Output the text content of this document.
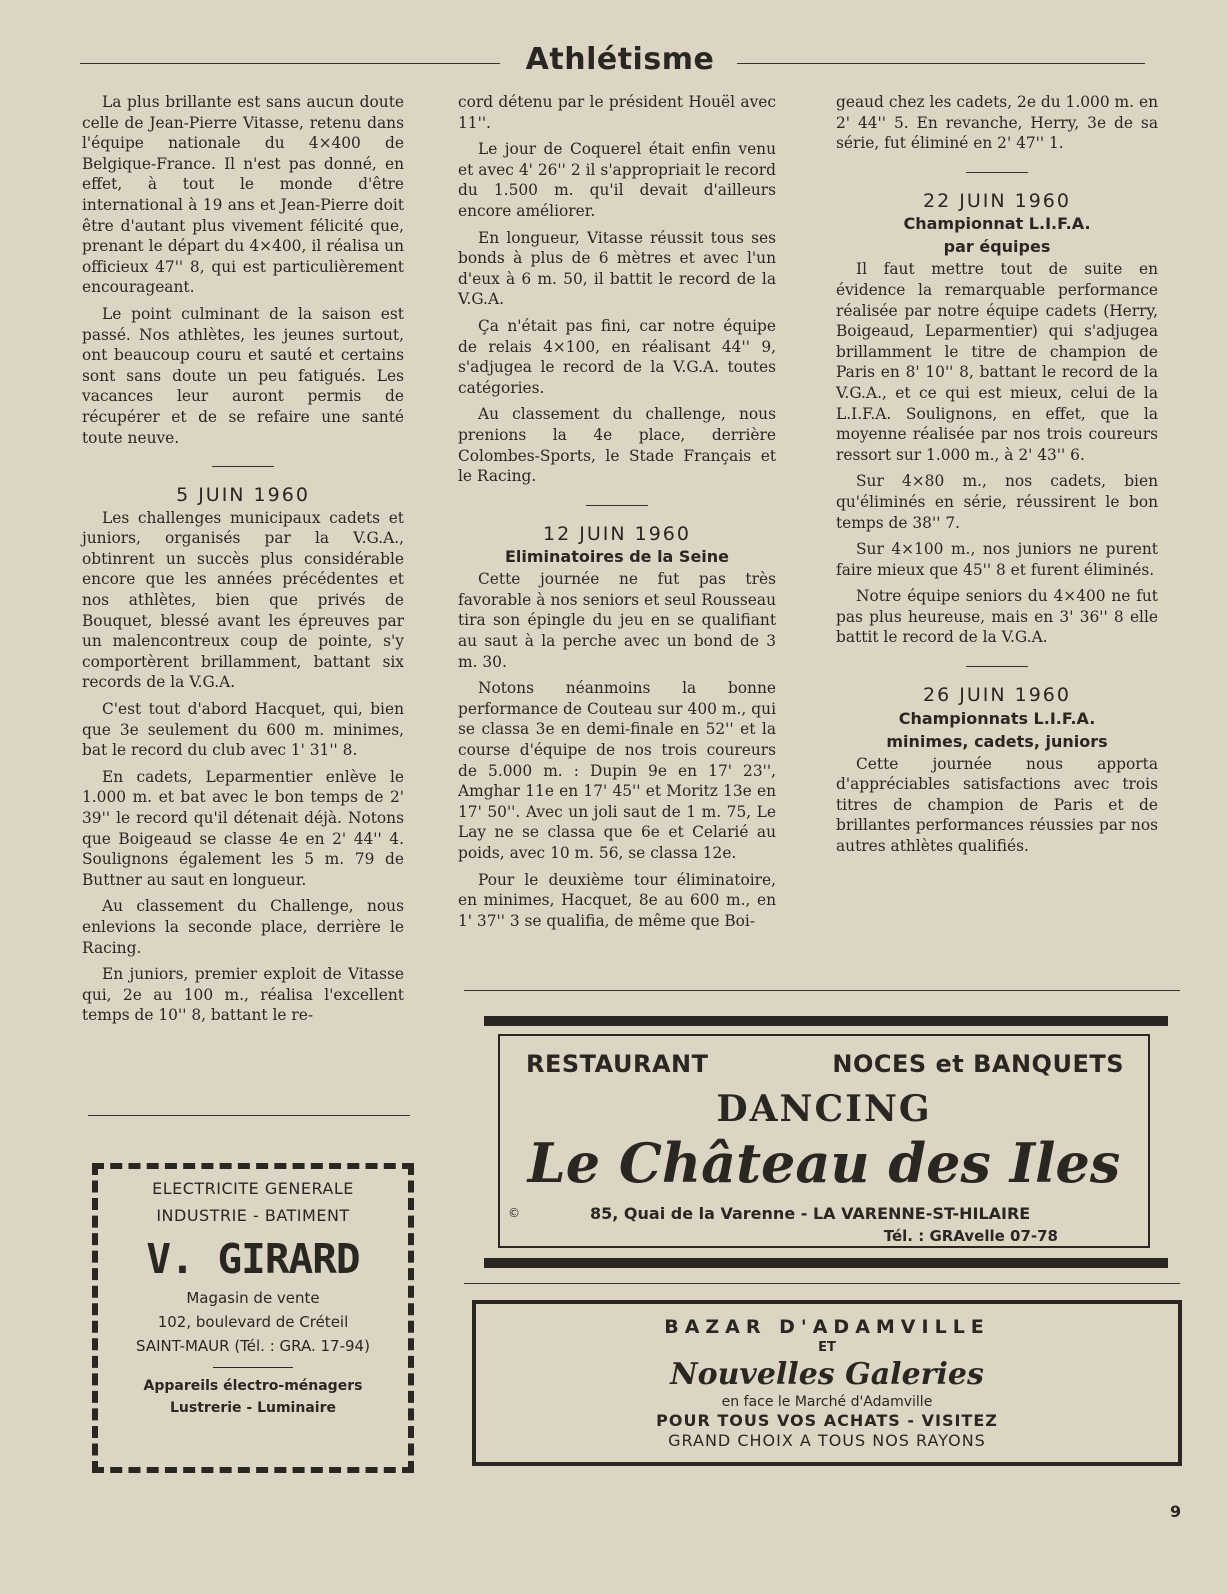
Athlétisme

La plus brillante est sans aucun doute celle de Jean-Pierre Vitasse, retenu dans l'équipe nationale du 4×400 de Belgique-France. Il n'est pas donné, en effet, à tout le monde d'être international à 19 ans et Jean-Pierre doit être d'autant plus vivement félicité que, prenant le départ du 4×400, il réalisa un officieux 47'' 8, qui est particulièrement encourageant.

Le point culminant de la saison est passé. Nos athlètes, les jeunes surtout, ont beaucoup couru et sauté et certains sont sans doute un peu fatigués. Les vacances leur auront permis de récupérer et de se refaire une santé toute neuve.

5 JUIN 1960

Les challenges municipaux cadets et juniors, organisés par la V.G.A., obtinrent un succès plus considérable encore que les années précédentes et nos athlètes, bien que privés de Bouquet, blessé avant les épreuves par un malencontreux coup de pointe, s'y comportèrent brillamment, battant six records de la V.G.A.

C'est tout d'abord Hacquet, qui, bien que 3e seulement du 600 m. minimes, bat le record du club avec 1' 31'' 8.

En cadets, Leparmentier enlève le 1.000 m. et bat avec le bon temps de 2' 39'' le record qu'il détenait déjà. Notons que Boigeaud se classe 4e en 2' 44'' 4. Soulignons également les 5 m. 79 de Buttner au saut en longueur.

Au classement du Challenge, nous enlevions la seconde place, derrière le Racing.

En juniors, premier exploit de Vitasse qui, 2e au 100 m., réalisa l'excellent temps de 10'' 8, battant le re-

cord détenu par le président Houël avec 11''.

Le jour de Coquerel était enfin venu et avec 4' 26'' 2 il s'appropriait le record du 1.500 m. qu'il devait d'ailleurs encore améliorer.

En longueur, Vitasse réussit tous ses bonds à plus de 6 mètres et avec l'un d'eux à 6 m. 50, il battit le record de la V.G.A.

Ça n'était pas fini, car notre équipe de relais 4×100, en réalisant 44'' 9, s'adjugea le record de la V.G.A. toutes catégories.

Au classement du challenge, nous prenions la 4e place, derrière Colombes-Sports, le Stade Français et le Racing.

12 JUIN 1960
Eliminatoires de la Seine

Cette journée ne fut pas très favorable à nos seniors et seul Rousseau tira son épingle du jeu en se qualifiant au saut à la perche avec un bond de 3 m. 30.

Notons néanmoins la bonne performance de Couteau sur 400 m., qui se classa 3e en demi-finale en 52'' et la course d'équipe de nos trois coureurs de 5.000 m. : Dupin 9e en 17' 23'', Amghar 11e en 17' 45'' et Moritz 13e en 17' 50''. Avec un joli saut de 1 m. 75, Le Lay ne se classa que 6e et Celarié au poids, avec 10 m. 56, se classa 12e.

Pour le deuxième tour éliminatoire, en minimes, Hacquet, 8e au 600 m., en 1' 37'' 3 se qualifia, de même que Boi-

geaud chez les cadets, 2e du 1.000 m. en 2' 44'' 5. En revanche, Herry, 3e de sa série, fut éliminé en 2' 47'' 1.

22 JUIN 1960
Championnat L.I.F.A.
par équipes

Il faut mettre tout de suite en évidence la remarquable performance réalisée par notre équipe cadets (Herry, Boigeaud, Leparmentier) qui s'adjugea brillamment le titre de champion de Paris en 8' 10'' 8, battant le record de la V.G.A., et ce qui est mieux, celui de la L.I.F.A. Soulignons, en effet, que la moyenne réalisée par nos trois coureurs ressort sur 1.000 m., à 2' 43'' 6.

Sur 4×80 m., nos cadets, bien qu'éliminés en série, réussirent le bon temps de 38'' 7.

Sur 4×100 m., nos juniors ne purent faire mieux que 45'' 8 et furent éliminés.

Notre équipe seniors du 4×400 ne fut pas plus heureuse, mais en 3' 36'' 8 elle battit le record de la V.G.A.

26 JUIN 1960
Championnats L.I.F.A.
minimes, cadets, juniors

Cette journée nous apporta d'appréciables satisfactions avec trois titres de champion de Paris et de brillantes performances réussies par nos autres athlètes qualifiés.

ELECTRICITE GENERALE
INDUSTRIE - BATIMENT
V. GIRARD
Magasin de vente
102, boulevard de Créteil
SAINT-MAUR (Tél. : GRA. 17-94)
Appareils électro-ménagers
Lustrerie - Luminaire
RESTAURANT	NOCES et BANQUETS
DANCING
Le Château des Iles
©	85, Quai de la Varenne - LA VARENNE-ST-HILAIRE
Tél. : GRAvelle 07-78
BAZAR D'ADAMVILLE
ET
Nouvelles Galeries
en face le Marché d'Adamville
POUR TOUS VOS ACHATS - VISITEZ
GRAND CHOIX A TOUS NOS RAYONS
9
